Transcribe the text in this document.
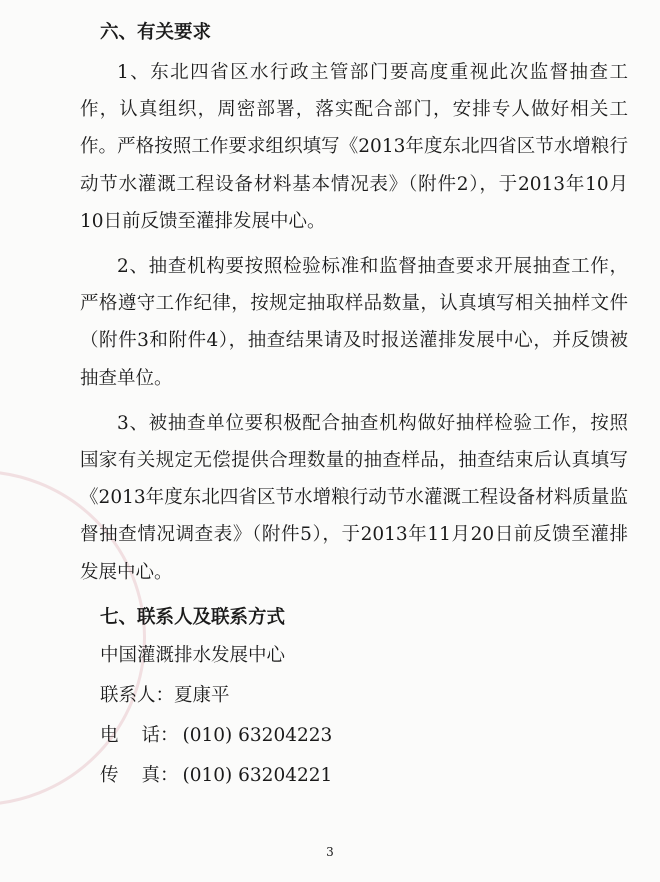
六、有关要求

1、东北四省区水行政主管部门要高度重视此次监督抽查工作，认真组织，周密部署，落实配合部门，安排专人做好相关工作。严格按照工作要求组织填写《2013年度东北四省区节水增粮行动节水灌溉工程设备材料基本情况表》（附件2），于2013年10月10日前反馈至灌排发展中心。

2、抽查机构要按照检验标准和监督抽查要求开展抽查工作，严格遵守工作纪律，按规定抽取样品数量，认真填写相关抽样文件（附件3和附件4），抽查结果请及时报送灌排发展中心，并反馈被抽查单位。

3、被抽查单位要积极配合抽查机构做好抽样检验工作，按照国家有关规定无偿提供合理数量的抽查样品，抽查结束后认真填写《2013年度东北四省区节水增粮行动节水灌溉工程设备材料质量监督抽查情况调查表》（附件5），于2013年11月20日前反馈至灌排发展中心。

七、联系人及联系方式
中国灌溉排水发展中心
联系人：夏康平
电话： (010) 63204223
传真： (010) 63204221
3
